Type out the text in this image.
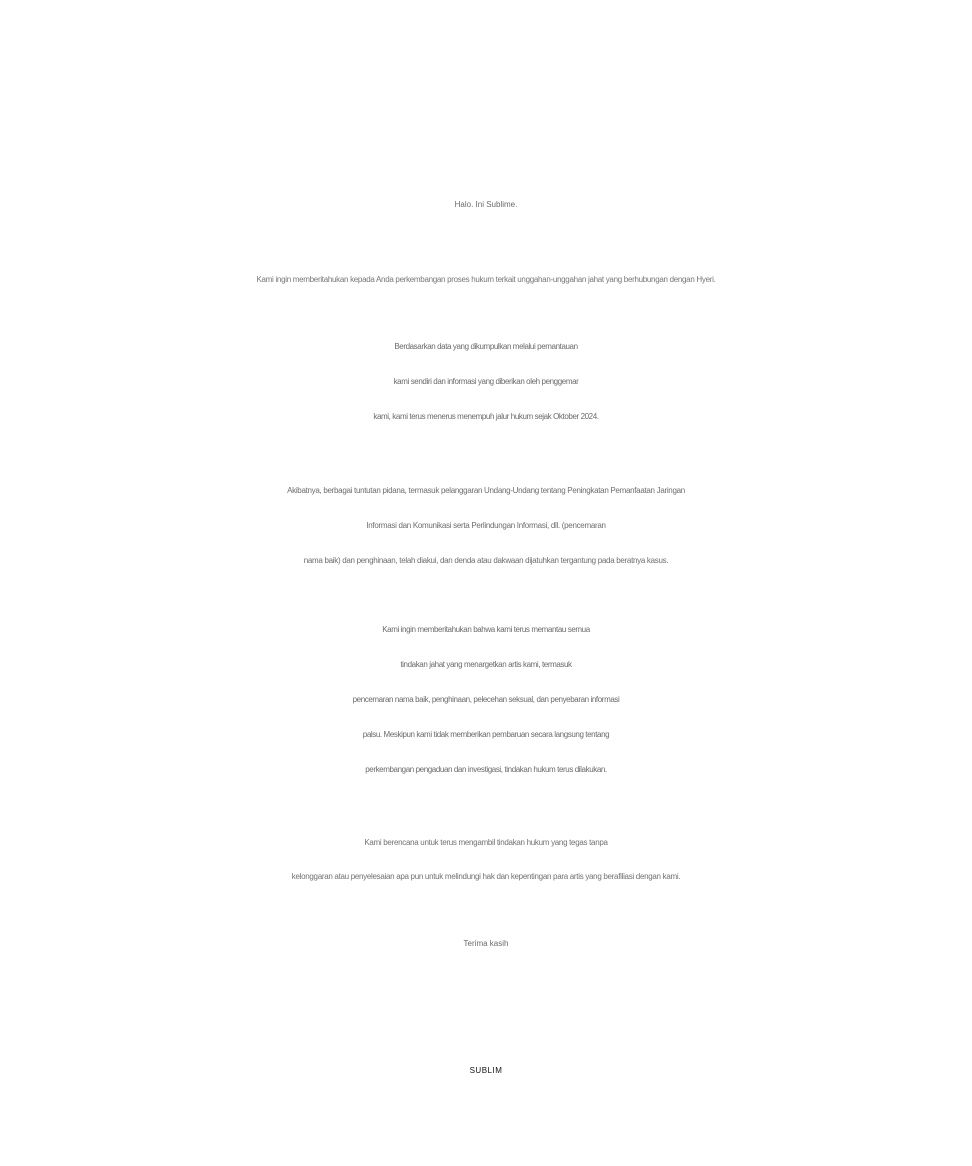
Halo. Ini Sublime.
Kami ingin memberitahukan kepada Anda perkembangan proses hukum terkait unggahan-unggahan jahat yang berhubungan dengan Hyeri.
Berdasarkan data yang dikumpulkan melalui pemantauan
kami sendiri dan informasi yang diberikan oleh penggemar
kami, kami terus menerus menempuh jalur hukum sejak Oktober 2024.
Akibatnya, berbagai tuntutan pidana, termasuk pelanggaran Undang-Undang tentang Peningkatan Pemanfaatan Jaringan
Informasi dan Komunikasi serta Perlindungan Informasi, dll. (pencemaran
nama baik) dan penghinaan, telah diakui, dan denda atau dakwaan dijatuhkan tergantung pada beratnya kasus.
Kami ingin memberitahukan bahwa kami terus memantau semua
tindakan jahat yang menargetkan artis kami, termasuk
pencemaran nama baik, penghinaan, pelecehan seksual, dan penyebaran informasi
palsu. Meskipun kami tidak memberikan pembaruan secara langsung tentang
perkembangan pengaduan dan investigasi, tindakan hukum terus dilakukan.
Kami berencana untuk terus mengambil tindakan hukum yang tegas tanpa
kelonggaran atau penyelesaian apa pun untuk melindungi hak dan kepentingan para artis yang berafiliasi dengan kami.
Terima kasih
SUBLIM
